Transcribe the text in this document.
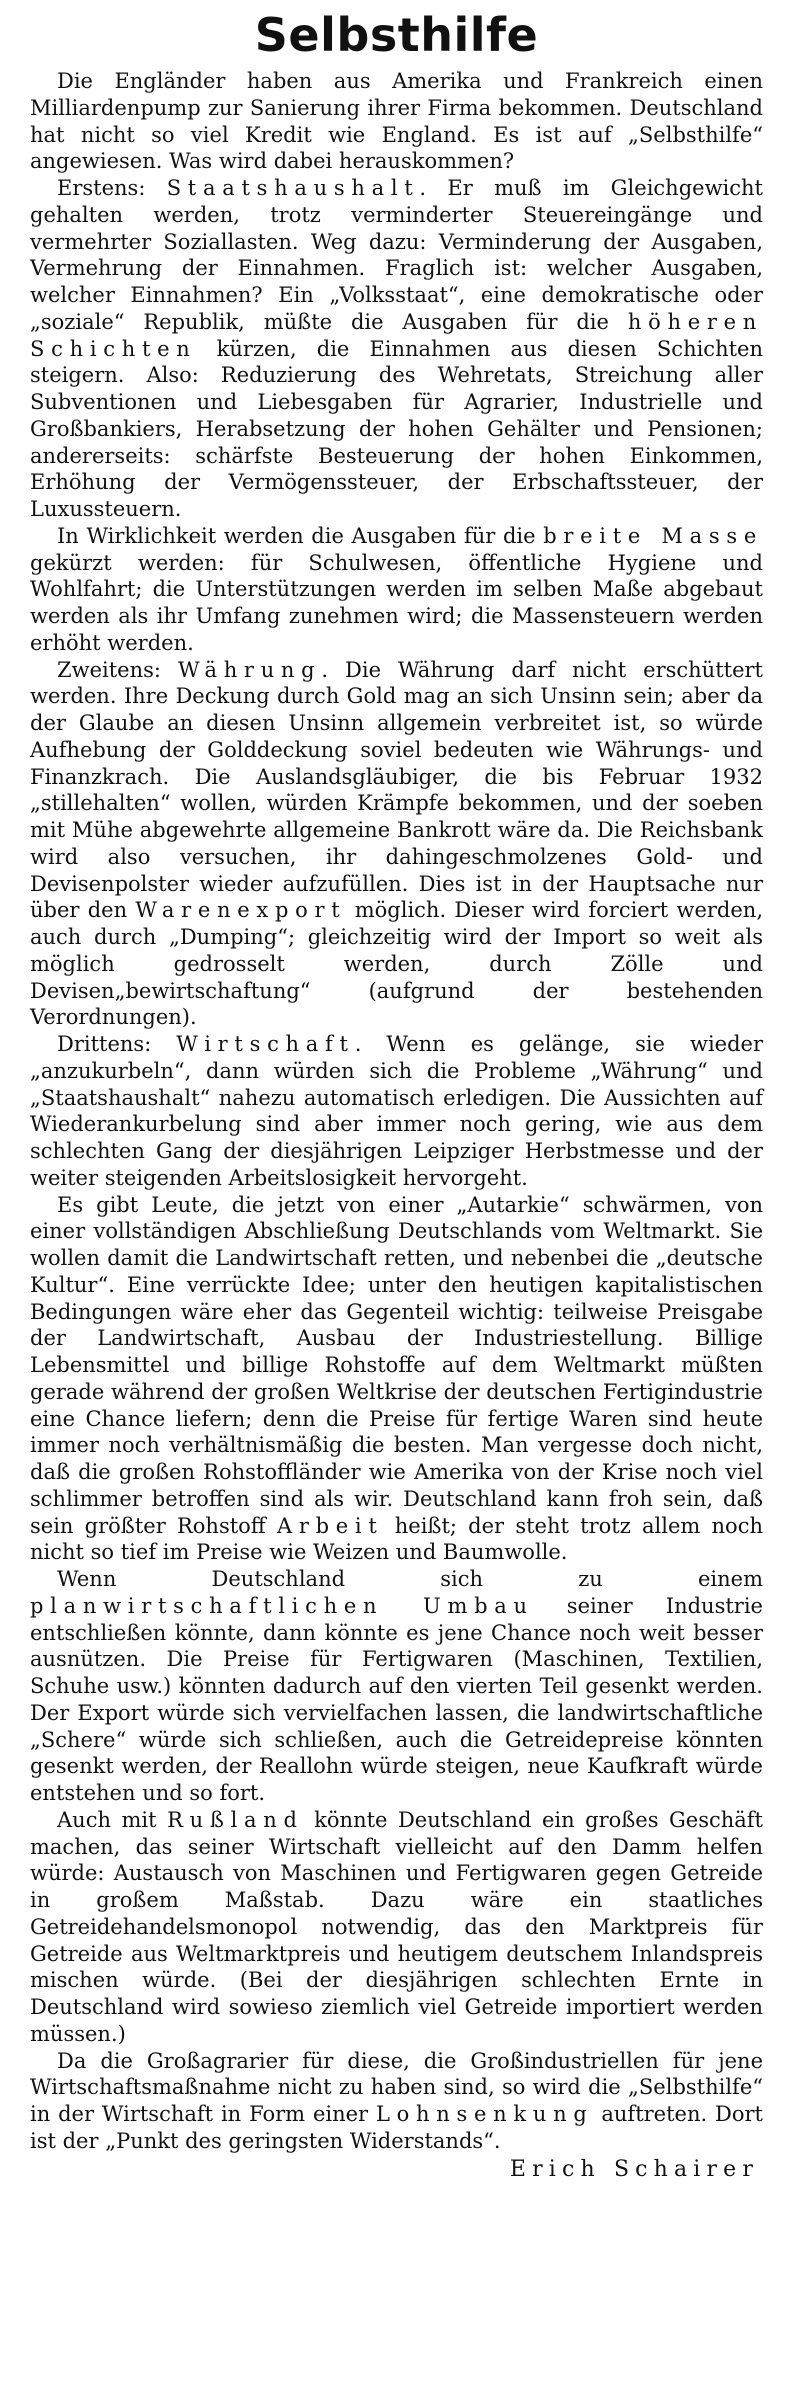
Selbsthilfe

Die Engländer haben aus Amerika und Frankreich einen Milliardenpump zur Sanierung ihrer Firma bekommen. Deutschland hat nicht so viel Kredit wie England. Es ist auf „Selbsthilfe“ angewiesen. Was wird dabei herauskommen?

Erstens: Staatshaushalt. Er muß im Gleichgewicht gehalten werden, trotz verminderter Steuereingänge und vermehrter Soziallasten. Weg dazu: Verminderung der Ausgaben, Vermehrung der Einnahmen. Fraglich ist: welcher Ausgaben, welcher Einnahmen? Ein „Volksstaat“, eine demokratische oder „soziale“ Republik, müßte die Ausgaben für die höheren Schichten kürzen, die Einnahmen aus diesen Schichten steigern. Also: Reduzierung des Wehretats, Streichung aller Subventionen und Liebesgaben für Agrarier, Industrielle und Großbankiers, Herabsetzung der hohen Gehälter und Pensionen; andererseits: schärfste Besteuerung der hohen Einkommen, Erhöhung der Vermögenssteuer, der Erbschaftssteuer, der Luxussteuern.

In Wirklichkeit werden die Ausgaben für die breite Masse gekürzt werden: für Schulwesen, öffentliche Hygiene und Wohlfahrt; die Unterstützungen werden im selben Maße abgebaut werden als ihr Umfang zunehmen wird; die Massensteuern werden erhöht werden.

Zweitens: Währung. Die Währung darf nicht erschüttert werden. Ihre Deckung durch Gold mag an sich Unsinn sein; aber da der Glaube an diesen Unsinn allgemein verbreitet ist, so würde Aufhebung der Golddeckung soviel bedeuten wie Währungs- und Finanzkrach. Die Auslandsgläubiger, die bis Februar 1932 „stillehalten“ wollen, würden Krämpfe bekommen, und der soeben mit Mühe abgewehrte allgemeine Bankrott wäre da. Die Reichsbank wird also versuchen, ihr dahingeschmolzenes Gold- und Devisenpolster wieder aufzufüllen. Dies ist in der Hauptsache nur über den Warenexport möglich. Dieser wird forciert werden, auch durch „Dumping“; gleichzeitig wird der Import so weit als möglich gedrosselt werden, durch Zölle und Devisen„bewirtschaftung“ (aufgrund der bestehenden Verordnungen).

Drittens: Wirtschaft. Wenn es gelänge, sie wieder „anzukurbeln“, dann würden sich die Probleme „Währung“ und „Staatshaushalt“ nahezu automatisch erledigen. Die Aussichten auf Wiederankurbelung sind aber immer noch gering, wie aus dem schlechten Gang der diesjährigen Leipziger Herbstmesse und der weiter steigenden Arbeitslosigkeit hervorgeht.

Es gibt Leute, die jetzt von einer „Autarkie“ schwärmen, von einer vollständigen Abschließung Deutschlands vom Weltmarkt. Sie wollen damit die Landwirtschaft retten, und nebenbei die „deutsche Kultur“. Eine verrückte Idee; unter den heutigen kapitalistischen Bedingungen wäre eher das Gegenteil wichtig: teilweise Preisgabe der Landwirtschaft, Ausbau der Industriestellung. Billige Lebensmittel und billige Rohstoffe auf dem Weltmarkt müßten gerade während der großen Weltkrise der deutschen Fertigindustrie eine Chance liefern; denn die Preise für fertige Waren sind heute immer noch verhältnismäßig die besten. Man vergesse doch nicht, daß die großen Rohstoffländer wie Amerika von der Krise noch viel schlimmer betroffen sind als wir. Deutschland kann froh sein, daß sein größter Rohstoff Arbeit heißt; der steht trotz allem noch nicht so tief im Preise wie Weizen und Baumwolle.

Wenn Deutschland sich zu einem planwirtschaftlichen Umbau seiner Industrie entschließen könnte, dann könnte es jene Chance noch weit besser ausnützen. Die Preise für Fertigwaren (Maschinen, Textilien, Schuhe usw.) könnten dadurch auf den vierten Teil gesenkt werden. Der Export würde sich vervielfachen lassen, die landwirtschaftliche „Schere“ würde sich schließen, auch die Getreidepreise könnten gesenkt werden, der Reallohn würde steigen, neue Kaufkraft würde entstehen und so fort.

Auch mit Rußland könnte Deutschland ein großes Geschäft machen, das seiner Wirtschaft vielleicht auf den Damm helfen würde: Austausch von Maschinen und Fertigwaren gegen Getreide in großem Maßstab. Dazu wäre ein staatliches Getreidehandelsmonopol notwendig, das den Marktpreis für Getreide aus Weltmarktpreis und heutigem deutschem Inlandspreis mischen würde. (Bei der diesjährigen schlechten Ernte in Deutschland wird sowieso ziemlich viel Getreide importiert werden müssen.)

Da die Großagrarier für diese, die Großindustriellen für jene Wirtschaftsmaßnahme nicht zu haben sind, so wird die „Selbsthilfe“ in der Wirtschaft in Form einer Lohnsenkung auftreten. Dort ist der „Punkt des geringsten Widerstands“.

Erich Schairer
